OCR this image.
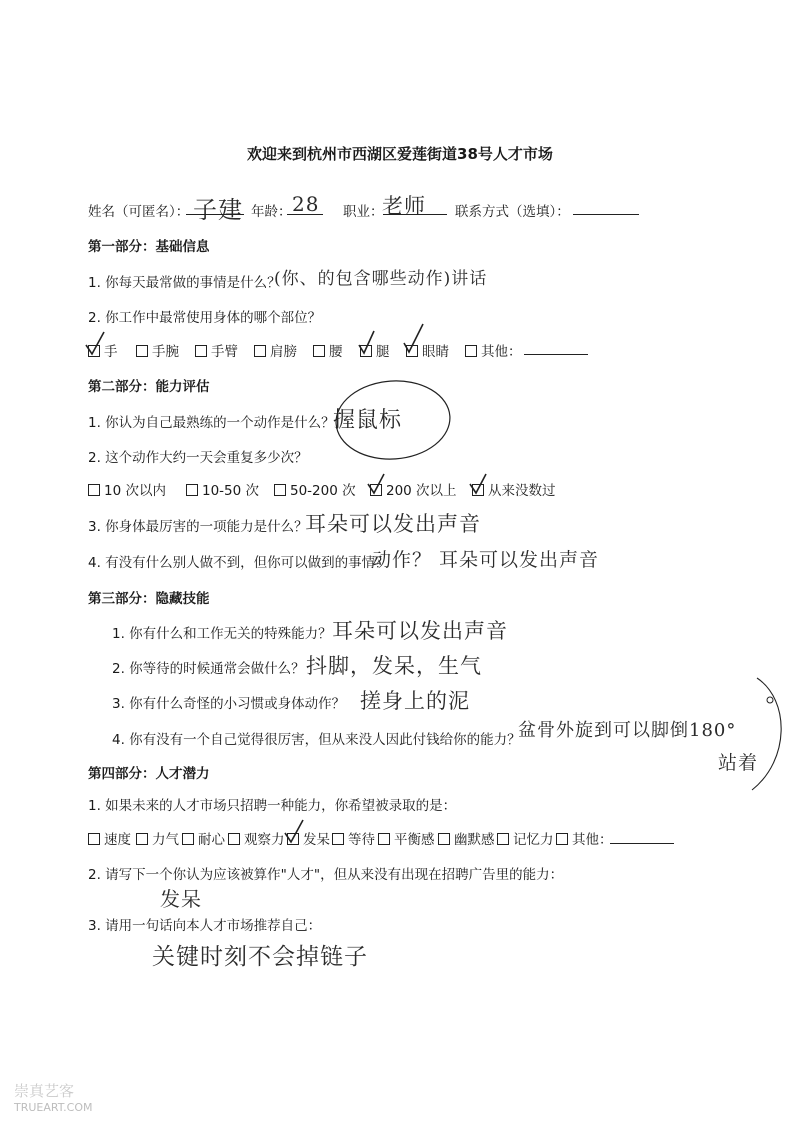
欢迎来到杭州市西湖区爱莲街道38号人才市场
姓名（可匿名）： 子建 年龄： 28 职业：
老师 联系方式（选填）：
第一部分：基础信息
1. 你每天最常做的事情是什么？
(你、的包含哪些动作)讲话
2. 你工作中最常使用身体的哪个部位？
手	手腕	手臂	肩膀	腰	腿	眼睛	其他：
第二部分：能力评估
1. 你认为自己最熟练的一个动作是什么？
握鼠标
2. 这个动作大约一天会重复多少次？
10 次以内	10-50 次	50-200 次	200 次以上	从来没数过
3. 你身体最厉害的一项能力是什么？
耳朵可以发出声音
4. 有没有什么别人做不到，但你可以做到的事情？
动作？ 耳朵可以发出声音
第三部分：隐藏技能
1. 你有什么和工作无关的特殊能力？ 耳朵可以发出声音
2. 你等待的时候通常会做什么？ 抖脚，发呆，生气
3. 你有什么奇怪的小习惯或身体动作？ 搓身上的泥
4. 你有没有一个自己觉得很厉害，但从来没人因此付钱给你的能力？
盆骨外旋到可以脚倒180°
站着
第四部分：人才潜力
1. 如果未来的人才市场只招聘一种能力，你希望被录取的是：
速度	力气	耐心	观察力	发呆	等待	平衡感	幽默感	记忆力	其他：
2. 请写下一个你认为应该被算作"人才"，但从来没有出现在招聘广告里的能力：
发呆
3. 请用一句话向本人才市场推荐自己：
关键时刻不会掉链子
崇真艺客
TRUEART.COM
